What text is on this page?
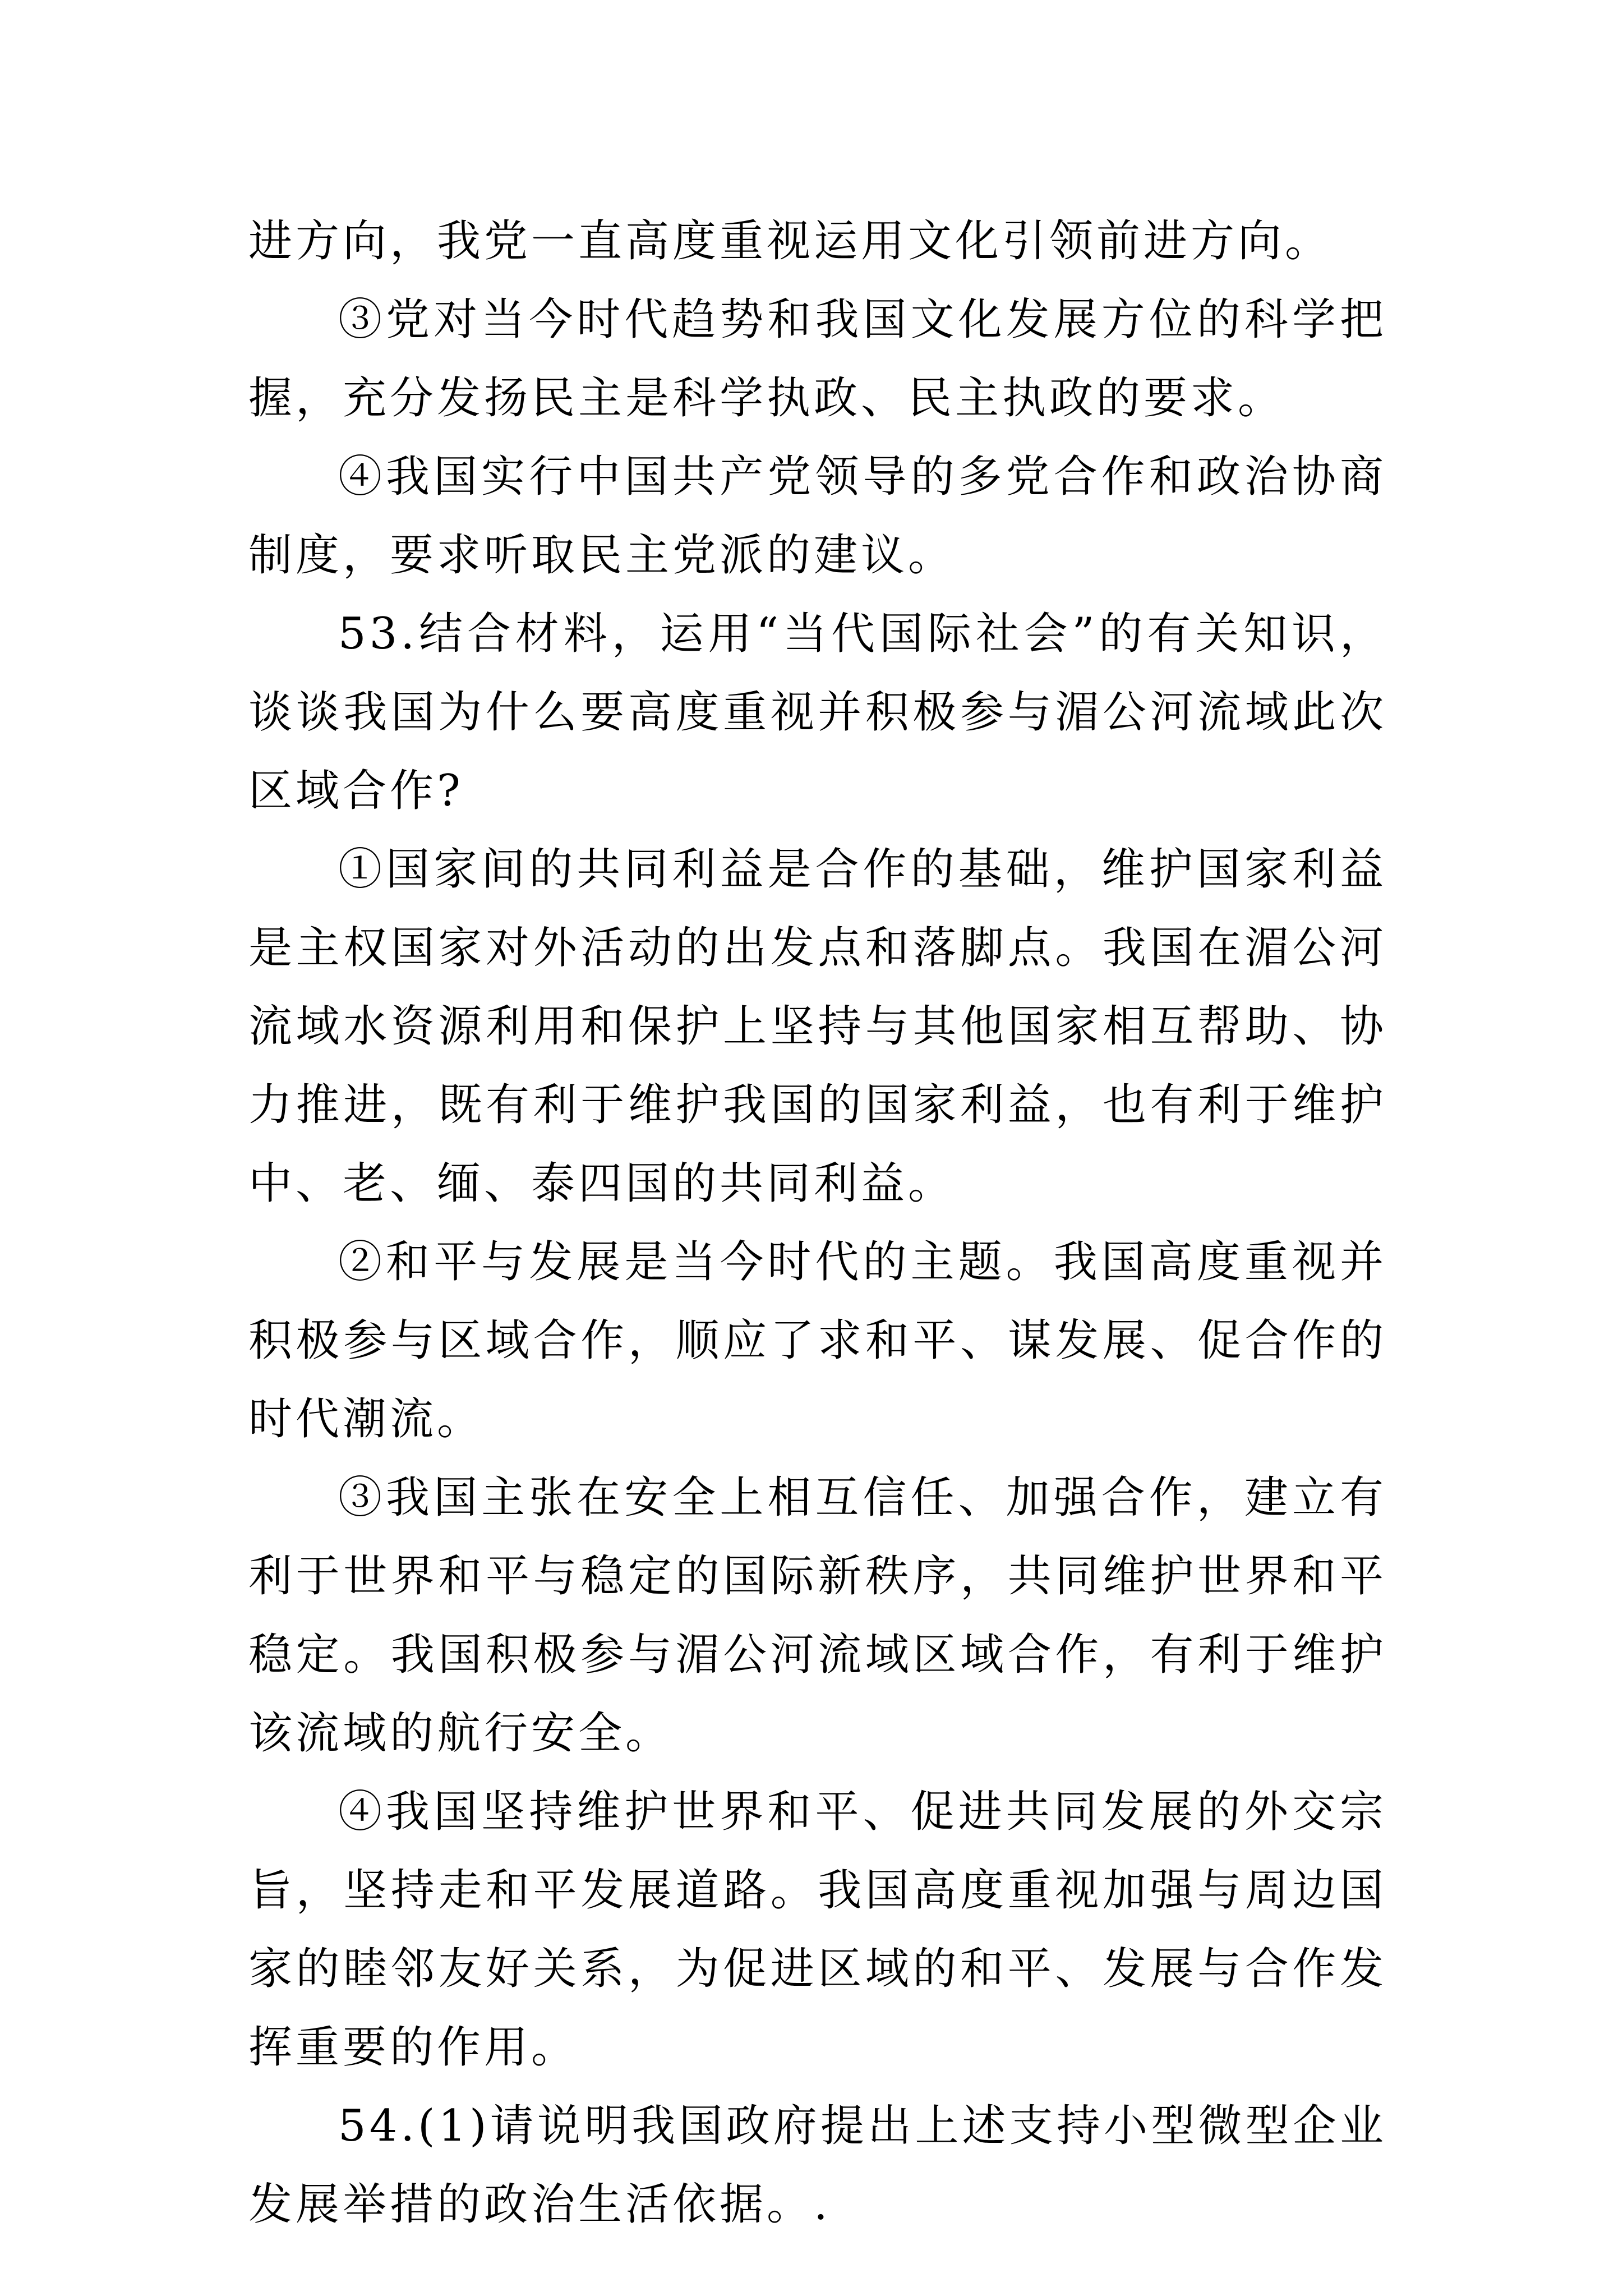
进方向，我党一直高度重视运用文化引领前进方向。

③党对当今时代趋势和我国文化发展方位的科学把握，充分发扬民主是科学执政、民主执政的要求。

④我国实行中国共产党领导的多党合作和政治协商制度，要求听取民主党派的建议。

53.结合材料，运用“当代国际社会”的有关知识，谈谈我国为什么要高度重视并积极参与湄公河流域此次区域合作?

①国家间的共同利益是合作的基础，维护国家利益是主权国家对外活动的出发点和落脚点。我国在湄公河流域水资源利用和保护上坚持与其他国家相互帮助、协力推进，既有利于维护我国的国家利益，也有利于维护中、老、缅、泰四国的共同利益。

②和平与发展是当今时代的主题。我国高度重视并积极参与区域合作，顺应了求和平、谋发展、促合作的时代潮流。

③我国主张在安全上相互信任、加强合作，建立有利于世界和平与稳定的国际新秩序，共同维护世界和平稳定。我国积极参与湄公河流域区域合作，有利于维护该流域的航行安全。

④我国坚持维护世界和平、促进共同发展的外交宗旨，坚持走和平发展道路。我国高度重视加强与周边国家的睦邻友好关系，为促进区域的和平、发展与合作发挥重要的作用。

54.(1)请说明我国政府提出上述支持小型微型企业发展举措的政治生活依据。.
